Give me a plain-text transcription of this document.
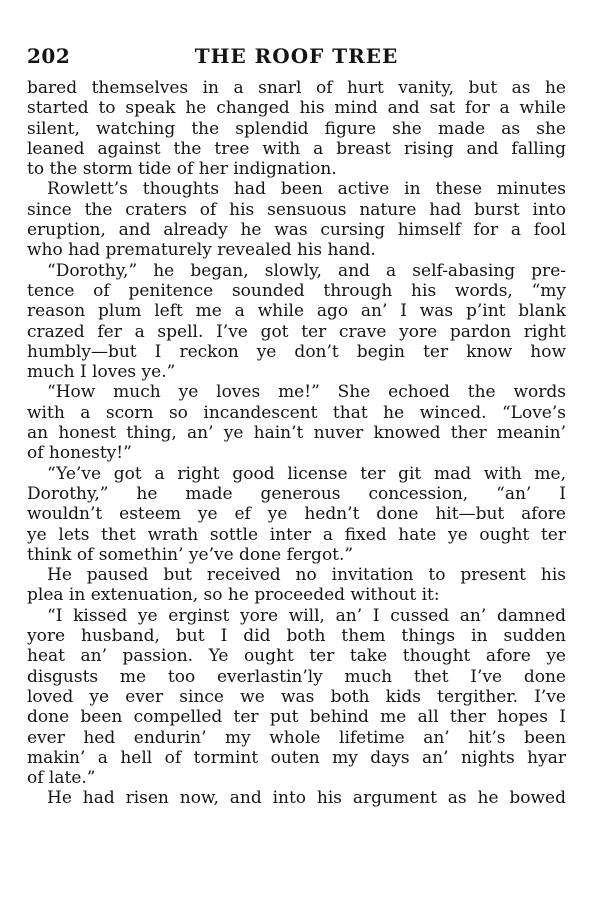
202	THE ROOF TREE
bared themselves in a snarl of hurt vanity, but as he
started to speak he changed his mind and sat for a while
silent, watching the splendid figure she made as she
leaned against the tree with a breast rising and falling
to the storm tide of her indignation.
Rowlett’s thoughts had been active in these minutes
since the craters of his sensuous nature had burst into
eruption, and already he was cursing himself for a fool
who had prematurely revealed his hand.
“Dorothy,” he began, slowly, and a self-abasing pre-
tence of penitence sounded through his words, “my
reason plum left me a while ago an’ I was p’int blank
crazed fer a spell. I’ve got ter crave yore pardon right
humbly—but I reckon ye don’t begin ter know how
much I loves ye.”
“How much ye loves me!” She echoed the words
with a scorn so incandescent that he winced. “Love’s
an honest thing, an’ ye hain’t nuver knowed ther meanin’
of honesty!”
“Ye’ve got a right good license ter git mad with me,
Dorothy,” he made generous concession, “an’ I
wouldn’t esteem ye ef ye hedn’t done hit—but afore
ye lets thet wrath sottle inter a fixed hate ye ought ter
think of somethin’ ye’ve done fergot.”
He paused but received no invitation to present his
plea in extenuation, so he proceeded without it:
“I kissed ye erginst yore will, an’ I cussed an’ damned
yore husband, but I did both them things in sudden
heat an’ passion. Ye ought ter take thought afore ye
disgusts me too everlastin’ly much thet I’ve done
loved ye ever since we was both kids tergither. I’ve
done been compelled ter put behind me all ther hopes I
ever hed endurin’ my whole lifetime an’ hit’s been
makin’ a hell of tormint outen my days an’ nights hyar
of late.”
He had risen now, and into his argument as he bowed
